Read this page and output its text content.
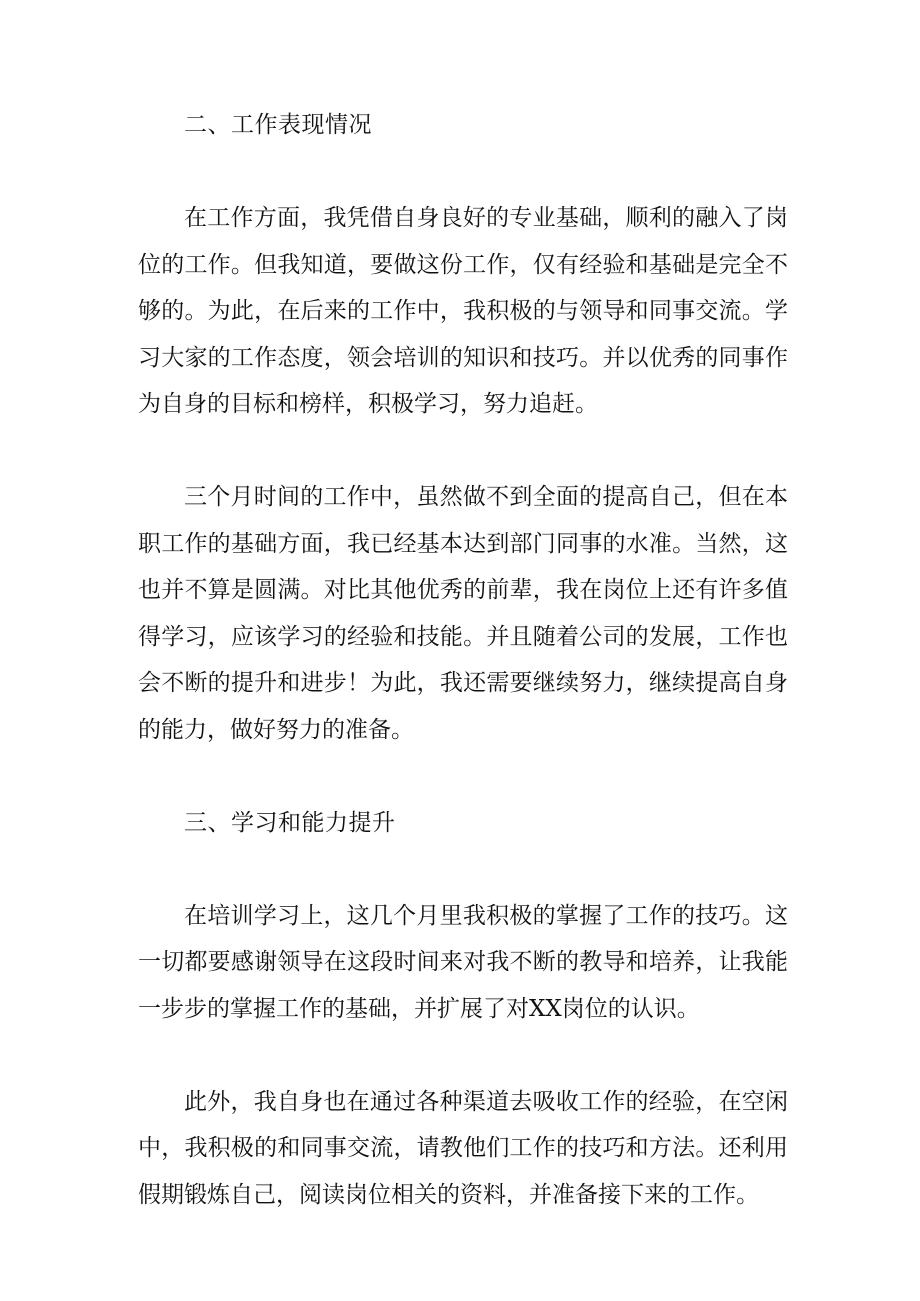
二、工作表现情况

在工作方面，我凭借自身良好的专业基础，顺利的融入了岗位的工作。但我知道，要做这份工作，仅有经验和基础是完全不够的。为此，在后来的工作中，我积极的与领导和同事交流。学习大家的工作态度，领会培训的知识和技巧。并以优秀的同事作为自身的目标和榜样，积极学习，努力追赶。

三个月时间的工作中，虽然做不到全面的提高自己，但在本职工作的基础方面，我已经基本达到部门同事的水准。当然，这也并不算是圆满。对比其他优秀的前辈，我在岗位上还有许多值得学习，应该学习的经验和技能。并且随着公司的发展，工作也会不断的提升和进步！为此，我还需要继续努力，继续提高自身的能力，做好努力的准备。

三、学习和能力提升

在培训学习上，这几个月里我积极的掌握了工作的技巧。这一切都要感谢领导在这段时间来对我不断的教导和培养，让我能一步步的掌握工作的基础，并扩展了对XX岗位的认识。

此外，我自身也在通过各种渠道去吸收工作的经验，在空闲中，我积极的和同事交流，请教他们工作的技巧和方法。还利用假期锻炼自己，阅读岗位相关的资料，并准备接下来的工作。
